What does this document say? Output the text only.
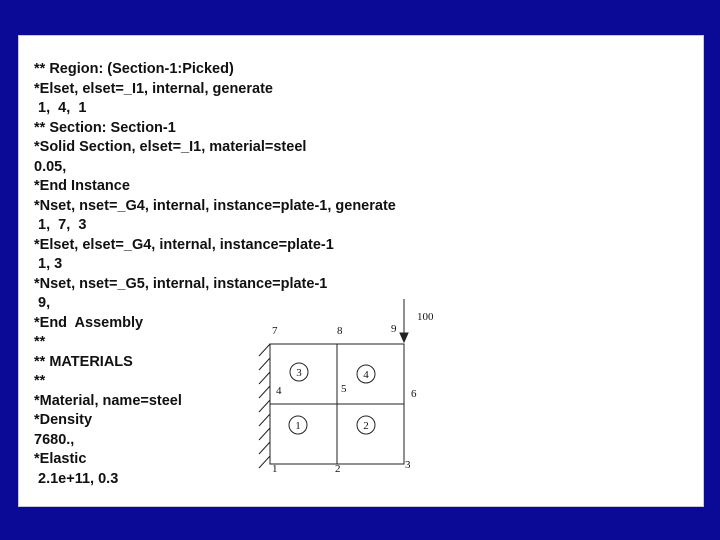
** Region: (Section-1:Picked)
*Elset, elset=_I1, internal, generate
1,  4,  1
** Section: Section-1
*Solid Section, elset=_I1, material=steel
0.05,
*End Instance
*Nset, nset=_G4, internal, instance=plate-1, generate
1,  7,  3
*Elset, elset=_G4, internal, instance=plate-1
1, 3
*Nset, nset=_G5, internal, instance=plate-1
9,
*End  Assembly
**
** MATERIALS
**
*Material, name=steel
*Density
7680.,
*Elastic
2.1e+11, 0.3
100
7	8	9
4	5	6
1	2	3
3	4
1	2
